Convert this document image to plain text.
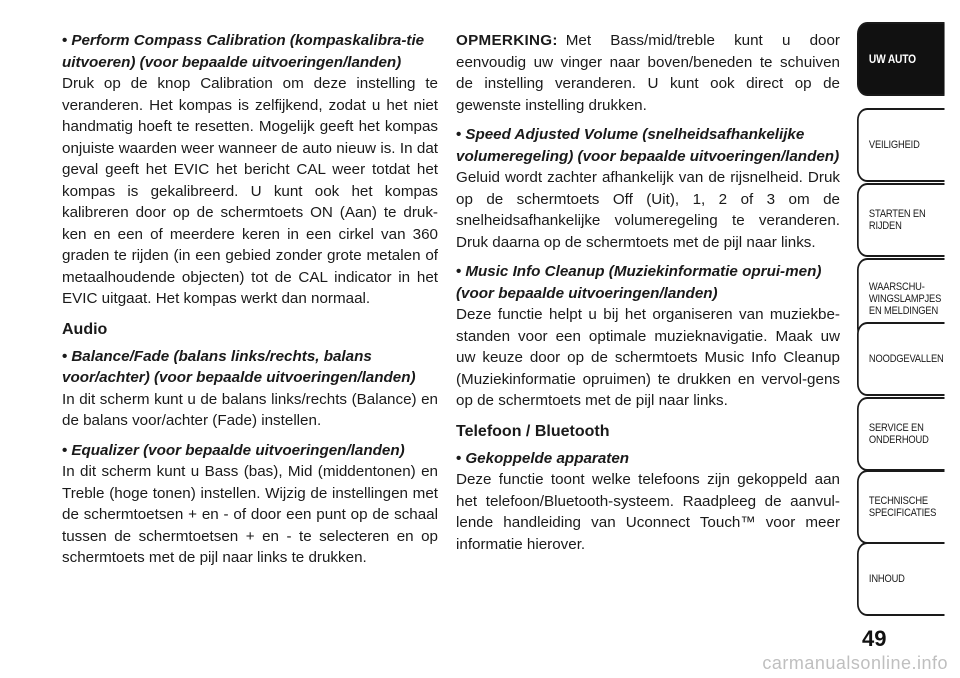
• Perform Compass Calibration (kompaskalibra-tie uitvoeren) (voor bepaalde uitvoeringen/landen)

Druk op de knop Calibration om deze instelling te veranderen. Het kompas is zelfijkend, zodat u het niet handmatig hoeft te resetten. Mogelijk geeft het kompas onjuiste waarden weer wanneer de auto nieuw is. In dat geval geeft het EVIC het bericht CAL weer totdat het kompas is gekalibreerd. U kunt ook het kompas kalibreren door op de schermtoets ON (Aan) te druk-ken en een of meerdere keren in een cirkel van 360 graden te rijden (in een gebied zonder grote metalen of metaalhoudende objecten) tot de CAL indicator in het EVIC uitgaat. Het kompas werkt dan normaal.

Audio
• Balance/Fade (balans links/rechts, balans voor/achter) (voor bepaalde uitvoeringen/landen)

In dit scherm kunt u de balans links/rechts (Balance) en de balans voor/achter (Fade) instellen.

• Equalizer (voor bepaalde uitvoeringen/landen)

In dit scherm kunt u Bass (bas), Mid (middentonen) en Treble (hoge tonen) instellen. Wijzig de instellingen met de schermtoetsen + en - of door een punt op de schaal tussen de schermtoetsen + en - te selecteren en op schermtoets met de pijl naar links te drukken.

OPMERKING: Met Bass/mid/treble kunt u door eenvoudig uw vinger naar boven/beneden te schuiven de instelling veranderen. U kunt ook direct op de gewenste instelling drukken.

• Speed Adjusted Volume (snelheidsafhankelijke volumeregeling) (voor bepaalde uitvoeringen/landen)

Geluid wordt zachter afhankelijk van de rijsnelheid. Druk op de schermtoets Off (Uit), 1, 2 of 3 om de snelheidsafhankelijke volumeregeling te veranderen. Druk daarna op de schermtoets met de pijl naar links.

• Music Info Cleanup (Muziekinformatie oprui-men) (voor bepaalde uitvoeringen/landen)

Deze functie helpt u bij het organiseren van muziekbe-standen voor een optimale muzieknavigatie. Maak uw uw keuze door op de schermtoets Music Info Cleanup (Muziekinformatie opruimen) te drukken en vervol-gens op de schermtoets met de pijl naar links.

Telefoon / Bluetooth
• Gekoppelde apparaten

Deze functie toont welke telefoons zijn gekoppeld aan het telefoon/Bluetooth-systeem. Raadpleeg de aanvul-lende handleiding van Uconnect Touch™ voor meer informatie hierover.

UW AUTO
VEILIGHEID
STARTEN EN
RIJDEN
WAARSCHU-
WINGSLAMPJES
EN MELDINGEN
NOODGEVALLEN
SERVICE EN
ONDERHOUD
TECHNISCHE
SPECIFICATIES
INHOUD
49
carmanualsonline.info
